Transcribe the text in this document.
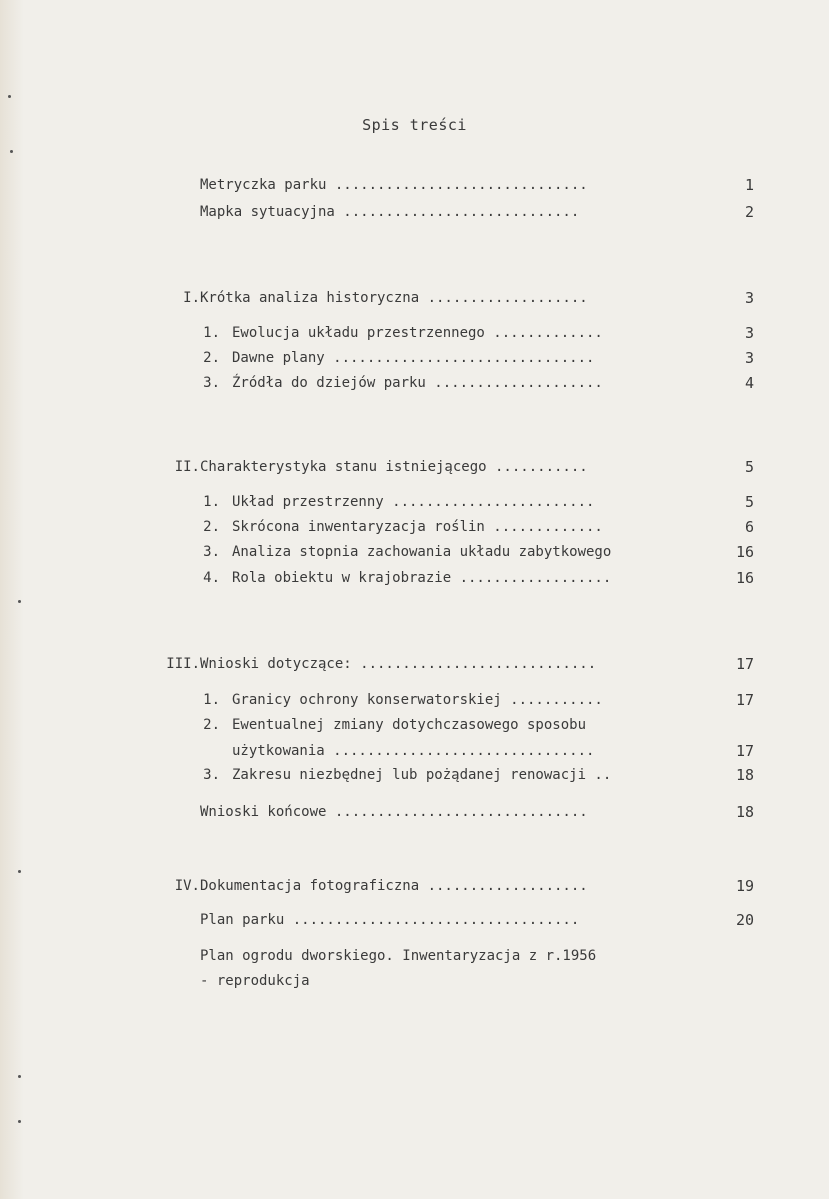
Spis treści
Metryczka parku ..............................	1
Mapka sytuacyjna ............................	2
I. Krótka analiza historyczna ...................	3
1. Ewolucja układu przestrzennego .............	3
2. Dawne plany ...............................	3
3. Źródła do dziejów parku ....................	4
II. Charakterystyka stanu istniejącego ...........	5
1. Układ przestrzenny ........................	5
2. Skrócona inwentaryzacja roślin .............	6
3. Analiza stopnia zachowania układu zabytkowego	16
4. Rola obiektu w krajobrazie ..................	16
III. Wnioski dotyczące: ............................	17
1. Granicy ochrony konserwatorskiej ...........	17
2. Ewentualnej zmiany dotychczasowego sposobu
użytkowania ...............................	17
3. Zakresu niezbędnej lub pożądanej renowacji ..	18
Wnioski końcowe ..............................	18
IV. Dokumentacja fotograficzna ...................	19
Plan parku ..................................	20
Plan ogrodu dworskiego. Inwentaryzacja z r.1956
- reprodukcja
